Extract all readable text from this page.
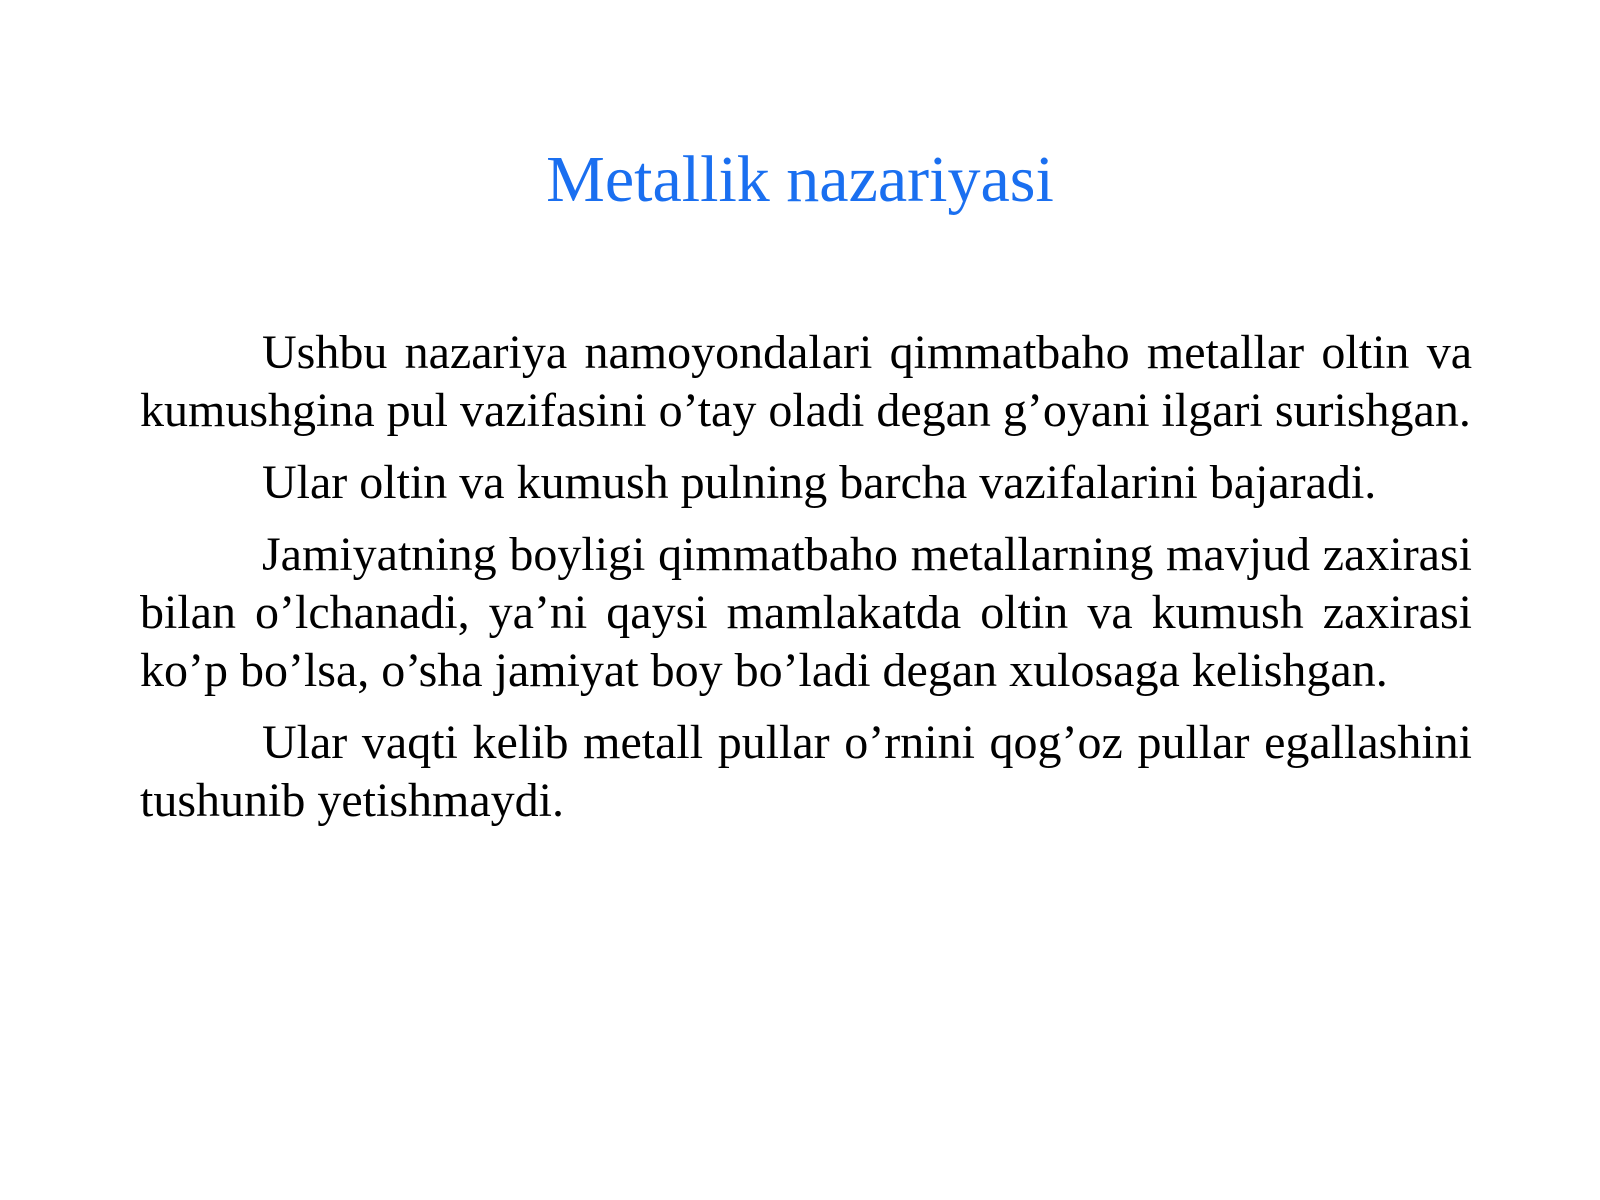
Metallik nazariyasi

Ushbu nazariya namoyondalari qimmatbaho metallar oltin va kumushgina pul vazifasini o’tay oladi degan g’oyani ilgari surishgan.

Ular oltin va kumush pulning barcha vazifalarini bajaradi.

Jamiyatning boyligi qimmatbaho metallarning mavjud zaxirasi bilan o’lchanadi, ya’ni qaysi mamlakatda oltin va kumush zaxirasi ko’p bo’lsa, o’sha jamiyat boy bo’ladi degan xulosaga kelishgan.

Ular vaqti kelib metall pullar o’rnini qog’oz pullar egallashini tushunib yetishmaydi.
